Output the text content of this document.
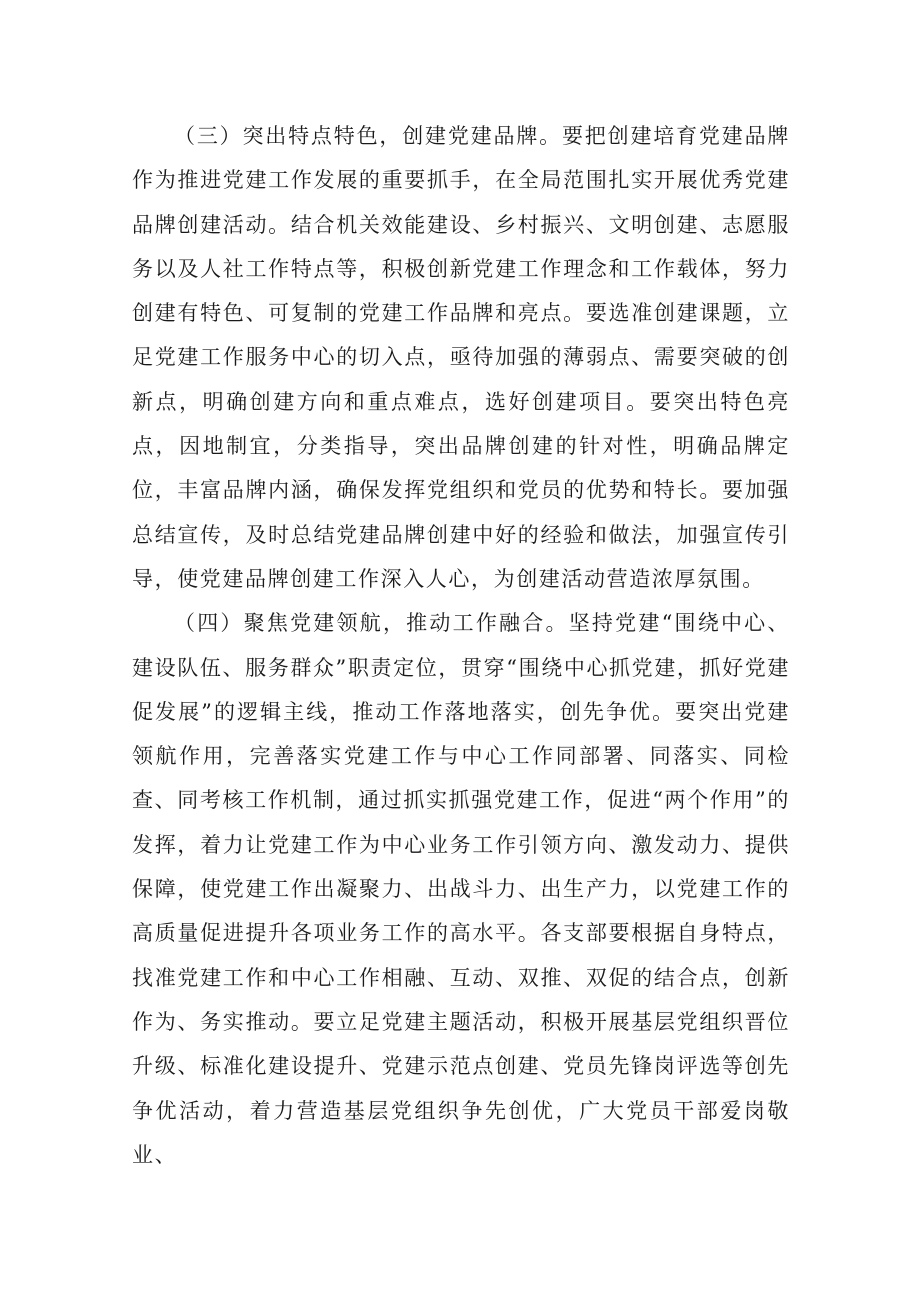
（三）突出特点特色，创建党建品牌。要把创建培育党建品牌作为推进党建工作发展的重要抓手，在全局范围扎实开展优秀党建品牌创建活动。结合机关效能建设、乡村振兴、文明创建、志愿服务以及人社工作特点等，积极创新党建工作理念和工作载体，努力创建有特色、可复制的党建工作品牌和亮点。要选准创建课题，立足党建工作服务中心的切入点，亟待加强的薄弱点、需要突破的创新点，明确创建方向和重点难点，选好创建项目。要突出特色亮点，因地制宜，分类指导，突出品牌创建的针对性，明确品牌定位，丰富品牌内涵，确保发挥党组织和党员的优势和特长。要加强总结宣传，及时总结党建品牌创建中好的经验和做法，加强宣传引导，使党建品牌创建工作深入人心，为创建活动营造浓厚氛围。

（四）聚焦党建领航，推动工作融合。坚持党建“围绕中心、建设队伍、服务群众”职责定位，贯穿“围绕中心抓党建，抓好党建促发展”的逻辑主线，推动工作落地落实，创先争优。要突出党建领航作用，完善落实党建工作与中心工作同部署、同落实、同检查、同考核工作机制，通过抓实抓强党建工作，促进“两个作用”的发挥，着力让党建工作为中心业务工作引领方向、激发动力、提供保障，使党建工作出凝聚力、出战斗力、出生产力，以党建工作的高质量促进提升各项业务工作的高水平。各支部要根据自身特点，找准党建工作和中心工作相融、互动、双推、双促的结合点，创新作为、务实推动。要立足党建主题活动，积极开展基层党组织晋位升级、标准化建设提升、党建示范点创建、党员先锋岗评选等创先争优活动，着力营造基层党组织争先创优，广大党员干部爱岗敬业、
